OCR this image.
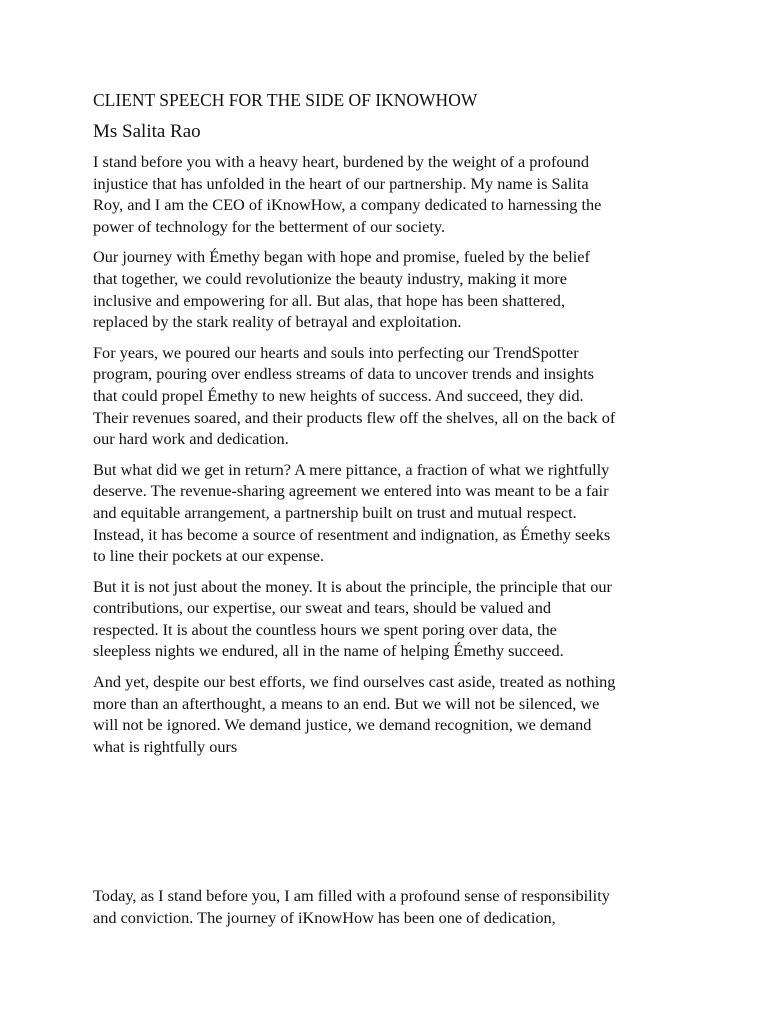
CLIENT SPEECH FOR THE SIDE OF IKNOWHOW
Ms Salita Rao

I stand before you with a heavy heart, burdened by the weight of a profound
injustice that has unfolded in the heart of our partnership. My name is Salita
Roy, and I am the CEO of iKnowHow, a company dedicated to harnessing the
power of technology for the betterment of our society.

Our journey with Émethy began with hope and promise, fueled by the belief
that together, we could revolutionize the beauty industry, making it more
inclusive and empowering for all. But alas, that hope has been shattered,
replaced by the stark reality of betrayal and exploitation.

For years, we poured our hearts and souls into perfecting our TrendSpotter
program, pouring over endless streams of data to uncover trends and insights
that could propel Émethy to new heights of success. And succeed, they did.
Their revenues soared, and their products flew off the shelves, all on the back of
our hard work and dedication.

But what did we get in return? A mere pittance, a fraction of what we rightfully
deserve. The revenue-sharing agreement we entered into was meant to be a fair
and equitable arrangement, a partnership built on trust and mutual respect.
Instead, it has become a source of resentment and indignation, as Émethy seeks
to line their pockets at our expense.

But it is not just about the money. It is about the principle, the principle that our
contributions, our expertise, our sweat and tears, should be valued and
respected. It is about the countless hours we spent poring over data, the
sleepless nights we endured, all in the name of helping Émethy succeed.

And yet, despite our best efforts, we find ourselves cast aside, treated as nothing
more than an afterthought, a means to an end. But we will not be silenced, we
will not be ignored. We demand justice, we demand recognition, we demand
what is rightfully ours

Today, as I stand before you, I am filled with a profound sense of responsibility
and conviction. The journey of iKnowHow has been one of dedication,
